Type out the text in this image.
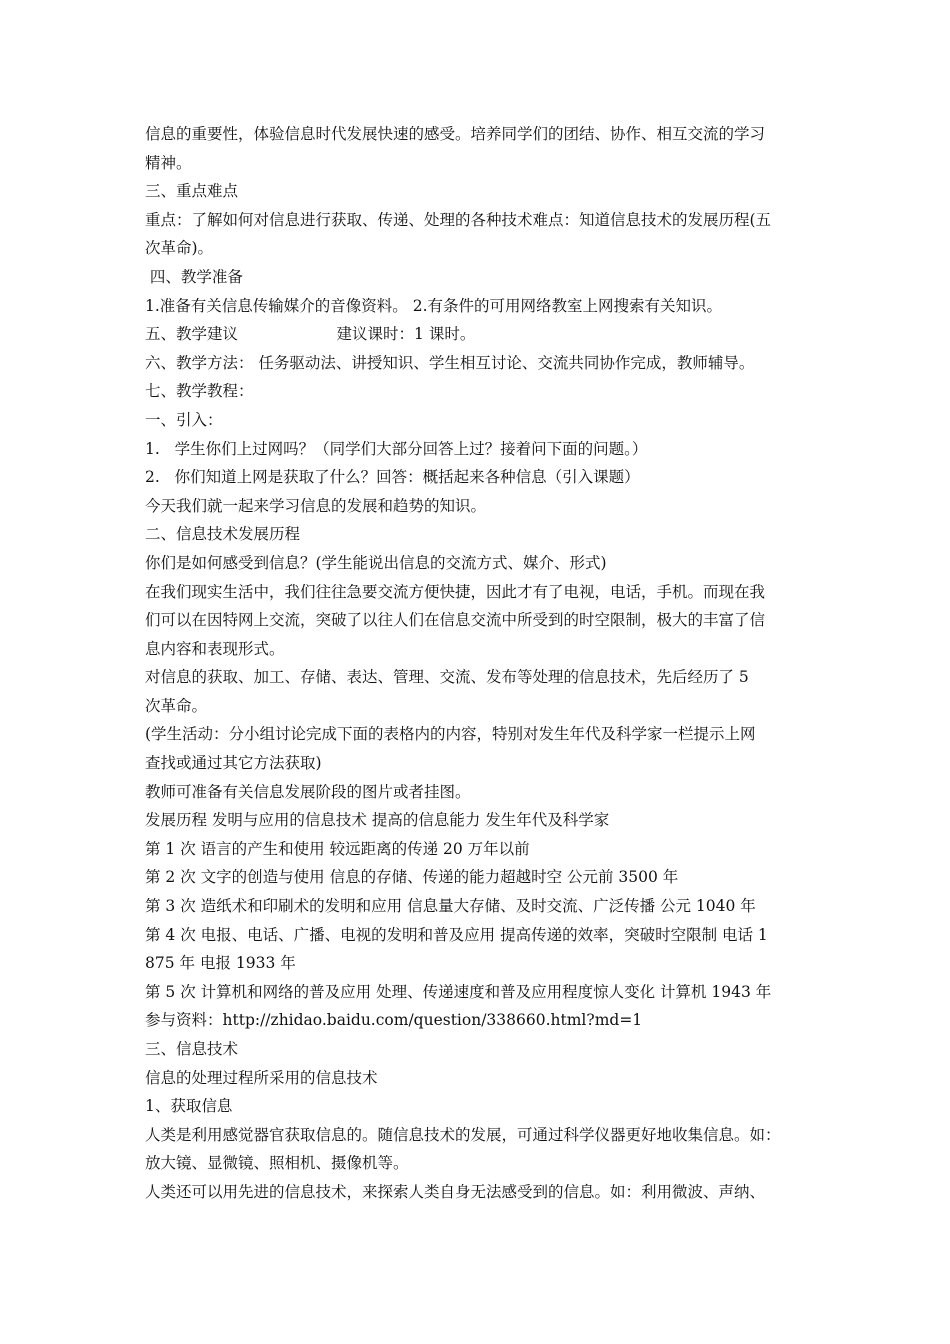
信息的重要性，体验信息时代发展快速的感受。培养同学们的团结、协作、相互交流的学习
精神。
三、重点难点
重点：了解如何对信息进行获取、传递、处理的各种技术难点：知道信息技术的发展历程(五
次革命)。
四、教学准备
1.准备有关信息传输媒介的音像资料。 2.有条件的可用网络教室上网搜索有关知识。
五、教学建议                    建议课时：1 课时。
六、教学方法： 任务驱动法、讲授知识、学生相互讨论、交流共同协作完成，教师辅导。
七、教学教程：
一、引入：
1.   学生你们上过网吗？（同学们大部分回答上过？接着问下面的问题。）
2.   你们知道上网是获取了什么？回答：概括起来各种信息（引入课题）
今天我们就一起来学习信息的发展和趋势的知识。
二、信息技术发展历程
你们是如何感受到信息？(学生能说出信息的交流方式、媒介、形式)
在我们现实生活中，我们往往急要交流方便快捷，因此才有了电视，电话，手机。而现在我
们可以在因特网上交流，突破了以往人们在信息交流中所受到的时空限制，极大的丰富了信
息内容和表现形式。
对信息的获取、加工、存储、表达、管理、交流、发布等处理的信息技术，先后经历了 5
次革命。
(学生活动：分小组讨论完成下面的表格内的内容，特别对发生年代及科学家一栏提示上网
查找或通过其它方法获取)
教师可准备有关信息发展阶段的图片或者挂图。
发展历程 发明与应用的信息技术 提高的信息能力 发生年代及科学家
第 1 次 语言的产生和使用 较远距离的传递 20 万年以前
第 2 次 文字的创造与使用 信息的存储、传递的能力超越时空 公元前 3500 年
第 3 次 造纸术和印刷术的发明和应用 信息量大存储、及时交流、广泛传播 公元 1040 年
第 4 次 电报、电话、广播、电视的发明和普及应用 提高传递的效率，突破时空限制 电话 1
875 年 电报 1933 年
第 5 次 计算机和网络的普及应用 处理、传递速度和普及应用程度惊人变化 计算机 1943 年
参与资料：http://zhidao.baidu.com/question/338660.html?md=1
三、信息技术
信息的处理过程所采用的信息技术
1、获取信息
人类是利用感觉器官获取信息的。随信息技术的发展，可通过科学仪器更好地收集信息。如：
放大镜、显微镜、照相机、摄像机等。
人类还可以用先进的信息技术，来探索人类自身无法感受到的信息。如：利用微波、声纳、
